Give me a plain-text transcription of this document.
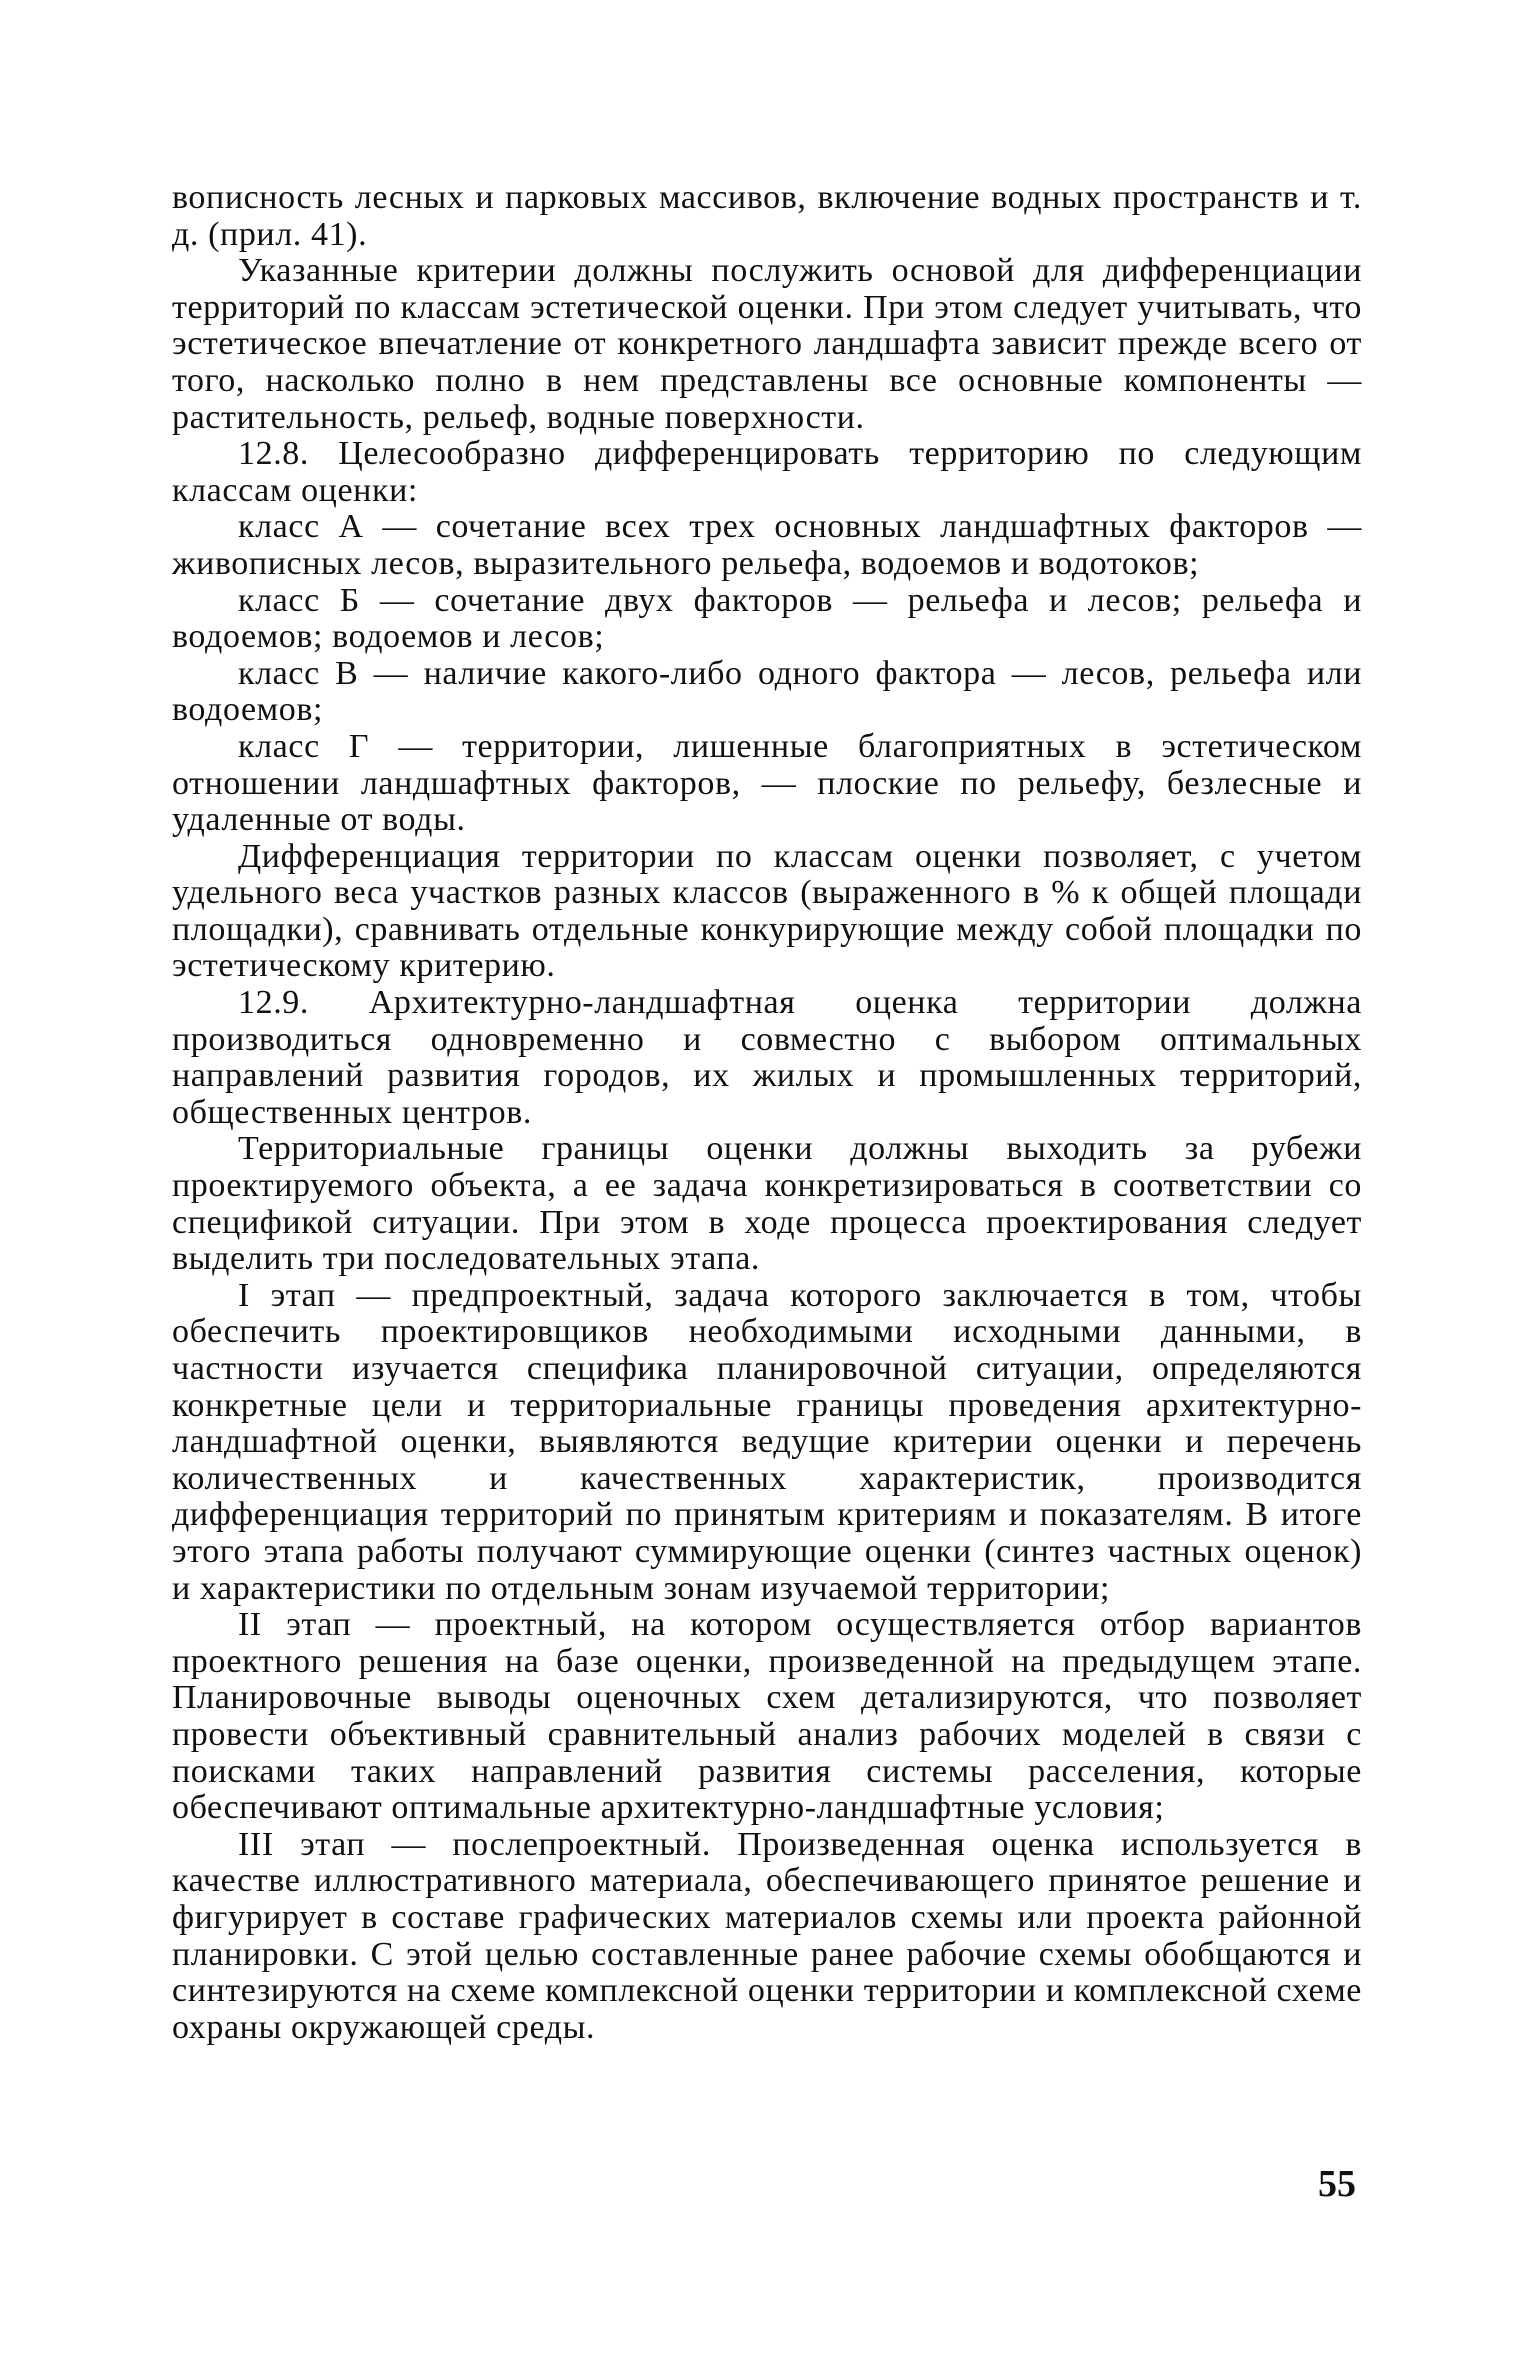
вописность лесных и парковых массивов, включение водных пространств и т. д. (прил. 41).

Указанные критерии должны послужить основой для дифференциации территорий по классам эстетической оценки. При этом следует учитывать, что эстетическое впечатление от конкретного ландшафта зависит прежде всего от того, насколько полно в нем представлены все основные компоненты — растительность, рельеф, водные поверхности.

12.8. Целесообразно дифференцировать территорию по следующим классам оценки:

класс А — сочетание всех трех основных ландшафтных факторов — живописных лесов, выразительного рельефа, водоемов и водотоков;

класс Б — сочетание двух факторов — рельефа и лесов; рельефа и водоемов; водоемов и лесов;

класс В — наличие какого-либо одного фактора — лесов, рельефа или водоемов;

класс Г — территории, лишенные благоприятных в эстетическом отношении ландшафтных факторов, — плоские по рельефу, безлесные и удаленные от воды.

Дифференциация территории по классам оценки позволяет, с учетом удельного веса участков разных классов (выраженного в % к общей площади площадки), сравнивать отдельные конкурирующие между собой площадки по эстетическому критерию.

12.9. Архитектурно-ландшафтная оценка территории должна производиться одновременно и совместно с выбором оптимальных направлений развития городов, их жилых и промышленных территорий, общественных центров.

Территориальные границы оценки должны выходить за рубежи проектируемого объекта, а ее задача конкретизироваться в соответствии со спецификой ситуации. При этом в ходе процесса проектирования следует выделить три последовательных этапа.

I этап — предпроектный, задача которого заключается в том, чтобы обеспечить проектировщиков необходимыми исходными данными, в частности изучается специфика планировочной ситуации, определяются конкретные цели и территориальные границы проведения архитектурно-ландшафтной оценки, выявляются ведущие критерии оценки и перечень количественных и качественных характеристик, производится дифференциация территорий по принятым критериям и показателям. В итоге этого этапа работы получают суммирующие оценки (синтез частных оценок) и характеристики по отдельным зонам изучаемой территории;

II этап — проектный, на котором осуществляется отбор вариантов проектного решения на базе оценки, произведенной на предыдущем этапе. Планировочные выводы оценочных схем детализируются, что позволяет провести объективный сравнительный анализ рабочих моделей в связи с поисками таких направлений развития системы расселения, которые обеспечивают оптимальные архитектурно-ландшафтные условия;

III этап — послепроектный. Произведенная оценка используется в качестве иллюстративного материала, обеспечивающего принятое решение и фигурирует в составе графических материалов схемы или проекта районной планировки. С этой целью составленные ранее рабочие схемы обобщаются и синтезируются на схеме комплексной оценки территории и комплексной схеме охраны окружающей среды.

55
